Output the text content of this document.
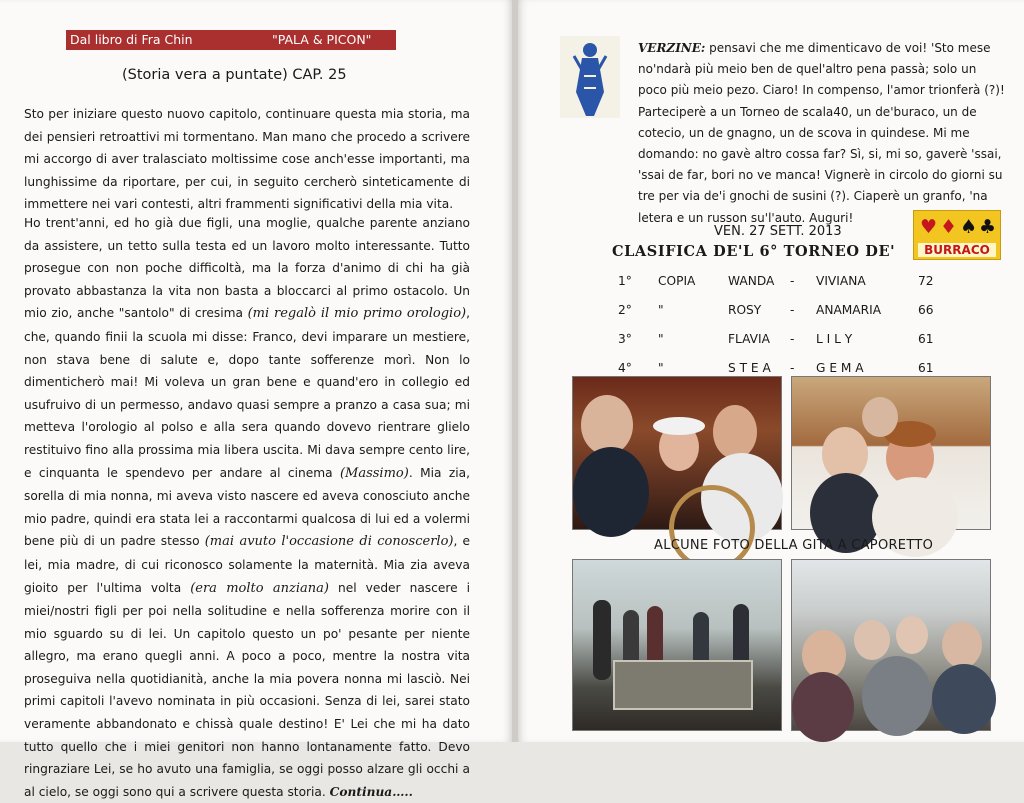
Dal libro di Fra Chin	"PALA & PICON"
(Storia vera a puntate) CAP. 25

Sto per iniziare questo nuovo capitolo, continuare questa mia storia, ma dei pensieri retroattivi mi tormentano. Man mano che procedo a scrivere mi accorgo di aver tralasciato moltissime cose anch'esse importanti, ma lunghissime da riportare, per cui, in seguito cercherò sinteticamente di immettere nei vari contesti, altri frammenti significativi della mia vita.

Ho trent'anni, ed ho già due figli, una moglie, qualche parente anziano da assistere, un tetto sulla testa ed un lavoro molto interessante. Tutto prosegue con non poche difficoltà, ma la forza d'animo di chi ha già provato abbastanza la vita non basta a bloccarci al primo ostacolo. Un mio zio, anche "santolo" di cresima (mi regalò il mio primo orologio), che, quando finii la scuola mi disse: Franco, devi imparare un mestiere, non stava bene di salute e, dopo tante sofferenze morì. Non lo dimenticherò mai! Mi voleva un gran bene e quand'ero in collegio ed usufruivo di un permesso, andavo quasi sempre a pranzo a casa sua; mi metteva l'orologio al polso e alla sera quando dovevo rientrare glielo restituivo fino alla prossima mia libera uscita. Mi dava sempre cento lire, e cinquanta le spendevo per andare al cinema (Massimo). Mia zia, sorella di mia nonna, mi aveva visto nascere ed aveva conosciuto anche mio padre, quindi era stata lei a raccontarmi qualcosa di lui ed a volermi bene più di un padre stesso (mai avuto l'occasione di conoscerlo), e lei, mia madre, di cui riconosco solamente la maternità. Mia zia aveva gioito per l'ultima volta (era molto anziana) nel veder nascere i miei/nostri figli per poi nella solitudine e nella sofferenza morire con il mio sguardo su di lei. Un capitolo questo un po' pesante per niente allegro, ma erano quegli anni. A poco a poco, mentre la nostra vita proseguiva nella quotidianità, anche la mia povera nonna mi lasciò. Nei primi capitoli l'avevo nominata in più occasioni. Senza di lei, sarei stato veramente abbandonato e chissà quale destino! E' Lei che mi ha dato tutto quello che i miei genitori non hanno lontanamente fatto. Devo ringraziare Lei, se ho avuto una famiglia, se oggi posso alzare gli occhi a al cielo, se oggi sono qui a scrivere questa storia. Continua…..

VERZINE: pensavi che me dimenticavo de voi! 'Sto mese no'ndarà più meio ben de quel'altro pena passà; solo un poco più meio pezo. Ciaro! In compenso, l'amor trionferà (?)! Parteciperè a un Torneo de scala40, un de'buraco, un de cotecio, un de gnagno, un de scova in quindese. Mi me domando: no gavè altro cossa far? Sì, si, mi so, gaverè 'ssai, 'ssai de far, bori no ve manca! Vignerè in circolo do giorni su tre per via de'i gnochi de susini (?). Ciaperè un granfo, 'na letera e un russon su'l'auto. Auguri!
VEN. 27 SETT. 2013
CLASIFICA DE'L 6° TORNEO DE'
♥ ♦ ♠ ♣
BURRACO
1° COPIA	WANDA - VIVIANA	72
2° "	ROSY - ANAMARIA	66
3° "	FLAVIA - L I L Y	61
4° "	S T E A - G E M A	61
ALCUNE FOTO DELLA GITA A CAPORETTO
